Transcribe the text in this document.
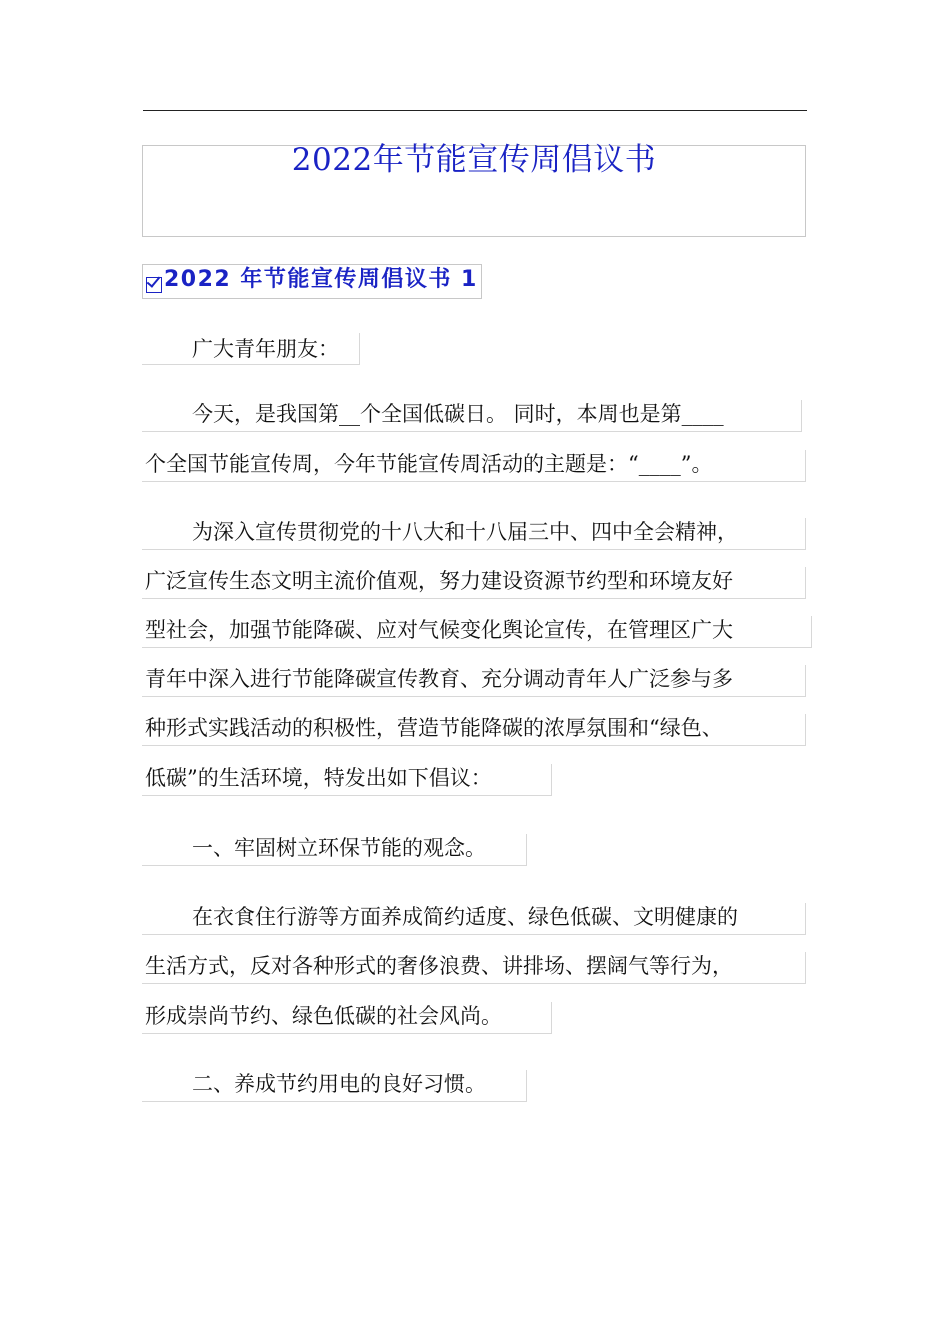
2022年节能宣传周倡议书
2022 年节能宣传周倡议书 1
广大青年朋友：
今天，是我国第__个全国低碳日。 同时，本周也是第____
个全国节能宣传周，今年节能宣传周活动的主题是：“____”。
为深入宣传贯彻党的十八大和十八届三中、四中全会精神，
广泛宣传生态文明主流价值观，努力建设资源节约型和环境友好
型社会，加强节能降碳、应对气候变化舆论宣传，在管理区广大
青年中深入进行节能降碳宣传教育、充分调动青年人广泛参与多
种形式实践活动的积极性，营造节能降碳的浓厚氛围和“绿色、
低碳”的生活环境，特发出如下倡议：
一、牢固树立环保节能的观念。
在衣食住行游等方面养成简约适度、绿色低碳、文明健康的
生活方式，反对各种形式的奢侈浪费、讲排场、摆阔气等行为，
形成崇尚节约、绿色低碳的社会风尚。
二、养成节约用电的良好习惯。
